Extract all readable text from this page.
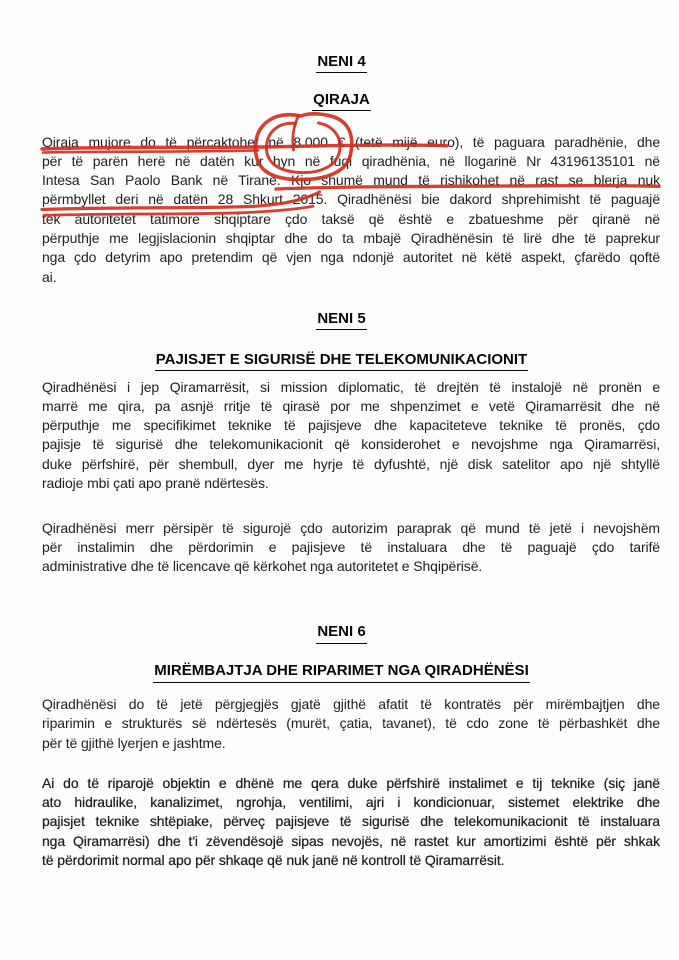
NENI 4
QIRAJA
Qiraja mujore do të përcaktohet në 8.000 € (tetë mijë euro), të paguara paradhënie, dhe
për të parën herë në datën kur hyn në fuqi qiradhënia, në llogarinë Nr 43196135101 në
Intesa San Paolo Bank në Tiranë. Kjo shumë mund të rishikohet në rast se blerja nuk
përmbyllet deri në datën 28 Shkurt 2015. Qiradhënësi bie dakord shprehimisht të paguajë
tek autoritetet tatimore shqiptare çdo taksë që është e zbatueshme për qiranë në
përputhje me legjislacionin shqiptar dhe do ta mbajë Qiradhënësin të lirë dhe të paprekur
nga çdo detyrim apo pretendim që vjen nga ndonjë autoritet në këtë aspekt, çfarëdo qoftë
ai.
NENI 5
PAJISJET E SIGURISË DHE TELEKOMUNIKACIONIT
Qiradhënësi i jep Qiramarrësit, si mission diplomatic, të drejtën të instalojë në pronën e
marrë me qira, pa asnjë rritje të qirasë por me shpenzimet e vetë Qiramarrësit dhe në
përputhje me specifikimet teknike të pajisjeve dhe kapaciteteve teknike të pronës, çdo
pajisje të sigurisë dhe telekomunikacionit që konsiderohet e nevojshme nga Qiramarrësi,
duke përfshirë, për shembull, dyer me hyrje të dyfushtë, një disk satelitor apo një shtyllë
radioje mbi çati apo pranë ndërtesës.
Qiradhënësi merr përsipër të sigurojë çdo autorizim paraprak që mund të jetë i nevojshëm
për instalimin dhe përdorimin e pajisjeve të instaluara dhe të paguajë çdo tarifë
administrative dhe të licencave që kërkohet nga autoritetet e Shqipërisë.
NENI 6
MIRËMBAJTJA DHE RIPARIMET NGA QIRADHËNËSI
Qiradhënësi do të jetë përgjegjës gjatë gjithë afatit të kontratës për mirëmbajtjen dhe
riparimin e strukturës së ndërtesës (murët, çatia, tavanet), të cdo zone të përbashkët dhe
për të gjithë lyerjen e jashtme.
Ai do të riparojë objektin e dhënë me qera duke përfshirë instalimet e tij teknike (siç janë
ato hidraulike, kanalizimet, ngrohja, ventilimi, ajri i kondicionuar, sistemet elektrike dhe
pajisjet teknike shtëpiake, përveç pajisjeve të sigurisë dhe telekomunikacionit të instaluara
nga Qiramarrësi) dhe t'i zëvendësojë sipas nevojës, në rastet kur amortizimi është për shkak
të përdorimit normal apo për shkaqe që nuk janë në kontroll të Qiramarrësit.
